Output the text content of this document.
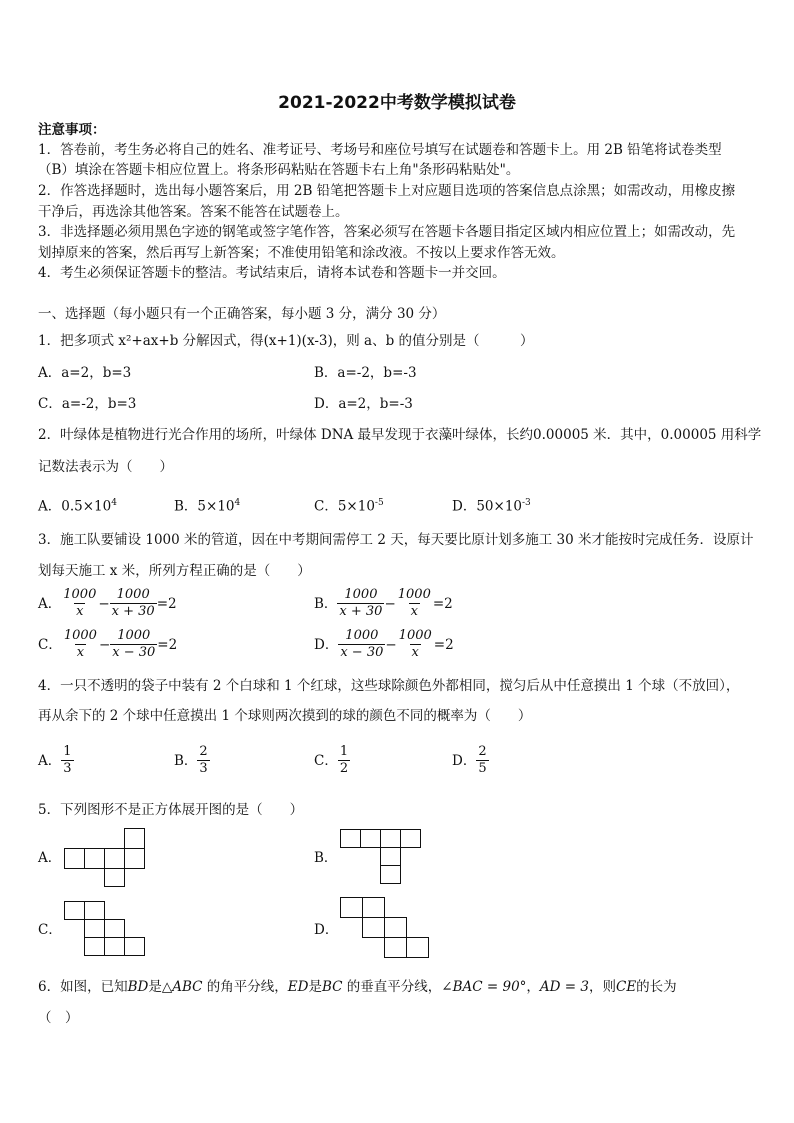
2021-2022中考数学模拟试卷
注意事项：
1．答卷前，考生务必将自己的姓名、准考证号、考场号和座位号填写在试题卷和答题卡上。用 2B 铅笔将试卷类型
（B）填涂在答题卡相应位置上。将条形码粘贴在答题卡右上角"条形码粘贴处"。
2．作答选择题时，选出每小题答案后，用 2B 铅笔把答题卡上对应题目选项的答案信息点涂黑；如需改动，用橡皮擦
干净后，再选涂其他答案。答案不能答在试题卷上。
3．非选择题必须用黑色字迹的钢笔或签字笔作答，答案必须写在答题卡各题目指定区域内相应位置上；如需改动，先
划掉原来的答案，然后再写上新答案；不准使用铅笔和涂改液。不按以上要求作答无效。
4．考生必须保证答题卡的整洁。考试结束后，请将本试卷和答题卡一并交回。
一、选择题（每小题只有一个正确答案，每小题 3 分，满分 30 分）
1．把多项式 x²+ax+b 分解因式，得(x+1)(x-3)，则 a、b 的值分别是（　　　）
A．a=2，b=3	B．a=-2，b=-3
C．a=-2，b=3	D．a=2，b=-3
2．叶绿体是植物进行光合作用的场所，叶绿体 DNA 最早发现于衣藻叶绿体，长约0.00005 米．其中，0.00005 用科学
记数法表示为（　　）
A．$0.5\times 10^4$	B．$5\times 10^4$	C．$5\times 10^{-5}$	D．$50\times 10^{-3}$
3．施工队要铺设 1000 米的管道，因在中考期间需停工 2 天，每天要比原计划多施工 30 米才能按时完成任务．设原计
划每天施工 x 米，所列方程正确的是（　　）
A． $\frac{1000}{x} - \frac{1000}{x + 30} =2$	B． $\frac{1000}{x + 30} - \frac{1000}{x} =2$
C． $\frac{1000}{x} - \frac{1000}{x - 30} =2$	D． $\frac{1000}{x - 30} - \frac{1000}{x} =2$
4．一只不透明的袋子中装有 2 个白球和 1 个红球，这些球除颜色外都相同，搅匀后从中任意摸出 1 个球（不放回），
再从余下的 2 个球中任意摸出 1 个球则两次摸到的球的颜色不同的概率为（　　）
A． $\frac{1}{3}$	B． $\frac{2}{3}$	C． $\frac{1}{2}$	D． $\frac{2}{5}$
5．下列图形不是正方体展开图的是（　　）
A．	B．
C．	D．
6．如图，已知BD是△ABC 的角平分线，ED是BC 的垂直平分线，∠BAC = 90°，AD = 3，则CE的长为
（　）
